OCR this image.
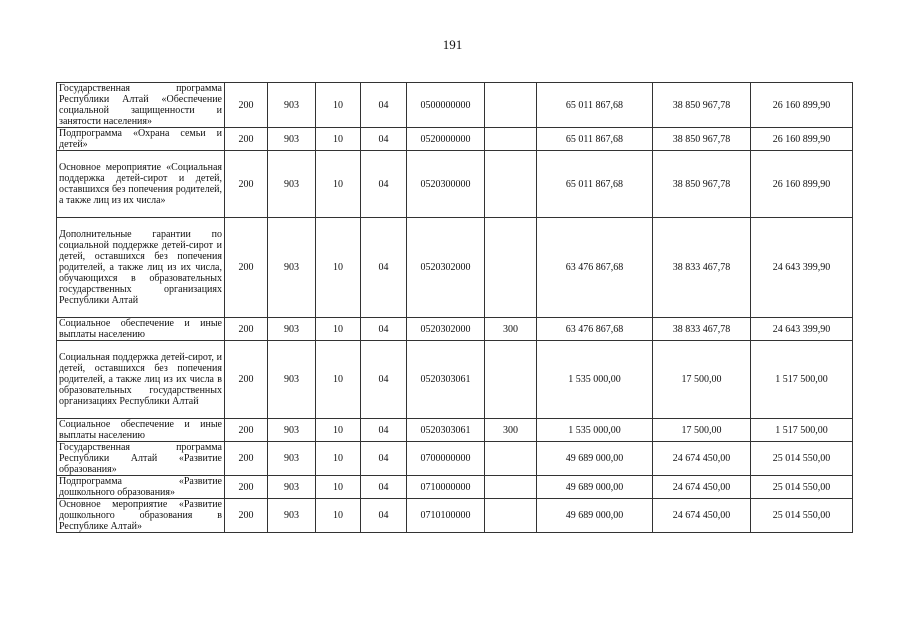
191
Государственная программа Республики Алтай «Обеспечение социальной защищенности и занятости населения»	200	903	10	04	0500000000		65 011 867,68	38 850 967,78	26 160 899,90
Подпрограмма «Охрана семьи и детей»	200	903	10	04	0520000000		65 011 867,68	38 850 967,78	26 160 899,90
Основное мероприятие «Социальная поддержка детей-сирот и детей, оставшихся без попечения родителей, а также лиц из их числа»	200	903	10	04	0520300000		65 011 867,68	38 850 967,78	26 160 899,90
Дополнительные гарантии по социальной поддержке детей-сирот и детей, оставшихся без попечения родителей, а также лиц из их числа, обучающихся в образовательных государственных организациях Республики Алтай	200	903	10	04	0520302000		63 476 867,68	38 833 467,78	24 643 399,90
Социальное обеспечение и иные выплаты населению	200	903	10	04	0520302000	300	63 476 867,68	38 833 467,78	24 643 399,90
Социальная поддержка детей-сирот, и детей, оставшихся без попечения родителей, а также лиц из их числа в образовательных государственных организациях Республики Алтай	200	903	10	04	0520303061		1 535 000,00	17 500,00	1 517 500,00
Социальное обеспечение и иные выплаты населению	200	903	10	04	0520303061	300	1 535 000,00	17 500,00	1 517 500,00
Государственная программа Республики Алтай «Развитие образования»	200	903	10	04	0700000000		49 689 000,00	24 674 450,00	25 014 550,00
Подпрограмма «Развитие дошкольного образования»	200	903	10	04	0710000000		49 689 000,00	24 674 450,00	25 014 550,00
Основное мероприятие «Развитие дошкольного образования в Республике Алтай»	200	903	10	04	0710100000		49 689 000,00	24 674 450,00	25 014 550,00
